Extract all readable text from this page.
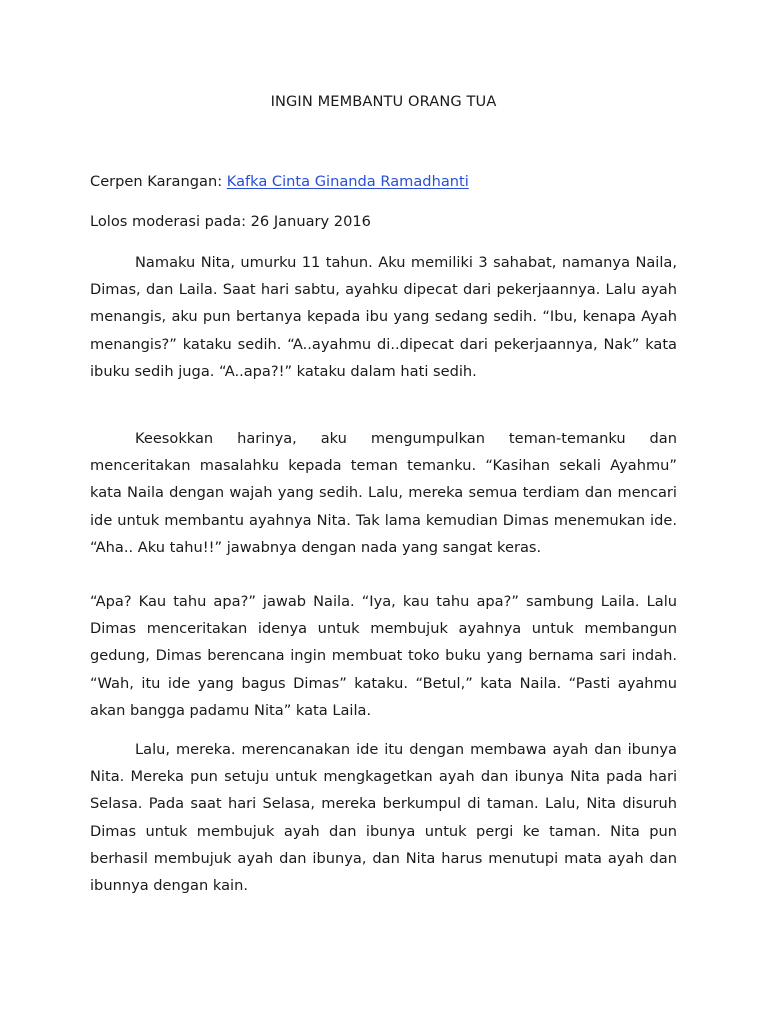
INGIN MEMBANTU ORANG TUA
Cerpen Karangan: Kafka Cinta Ginanda Ramadhanti
Lolos moderasi pada: 26 January 2016

Namaku Nita, umurku 11 tahun. Aku memiliki 3 sahabat, namanya Naila, Dimas, dan Laila. Saat hari sabtu, ayahku dipecat dari pekerjaannya. Lalu ayah menangis, aku pun bertanya kepada ibu yang sedang sedih. “Ibu, kenapa Ayah menangis?” kataku sedih. “A..ayahmu di..dipecat dari pekerjaannya, Nak” kata ibuku sedih juga. “A..apa?!” kataku dalam hati sedih.

Keesokkan harinya, aku mengumpulkan teman-temanku dan menceritakan masalahku kepada teman temanku. “Kasihan sekali Ayahmu” kata Naila dengan wajah yang sedih. Lalu, mereka semua terdiam dan mencari ide untuk membantu ayahnya Nita. Tak lama kemudian Dimas menemukan ide. “Aha.. Aku tahu!!” jawabnya dengan nada yang sangat keras.

“Apa? Kau tahu apa?” jawab Naila. “Iya, kau tahu apa?” sambung Laila. Lalu Dimas menceritakan idenya untuk membujuk ayahnya untuk membangun gedung, Dimas berencana ingin membuat toko buku yang bernama sari indah. “Wah, itu ide yang bagus Dimas” kataku. “Betul,” kata Naila. “Pasti ayahmu akan bangga padamu Nita” kata Laila.

Lalu, mereka. merencanakan ide itu dengan membawa ayah dan ibunya Nita. Mereka pun setuju untuk mengkagetkan ayah dan ibunya Nita pada hari Selasa. Pada saat hari Selasa, mereka berkumpul di taman. Lalu, Nita disuruh Dimas untuk membujuk ayah dan ibunya untuk pergi ke taman. Nita pun berhasil membujuk ayah dan ibunya, dan Nita harus menutupi mata ayah dan ibunnya dengan kain.
